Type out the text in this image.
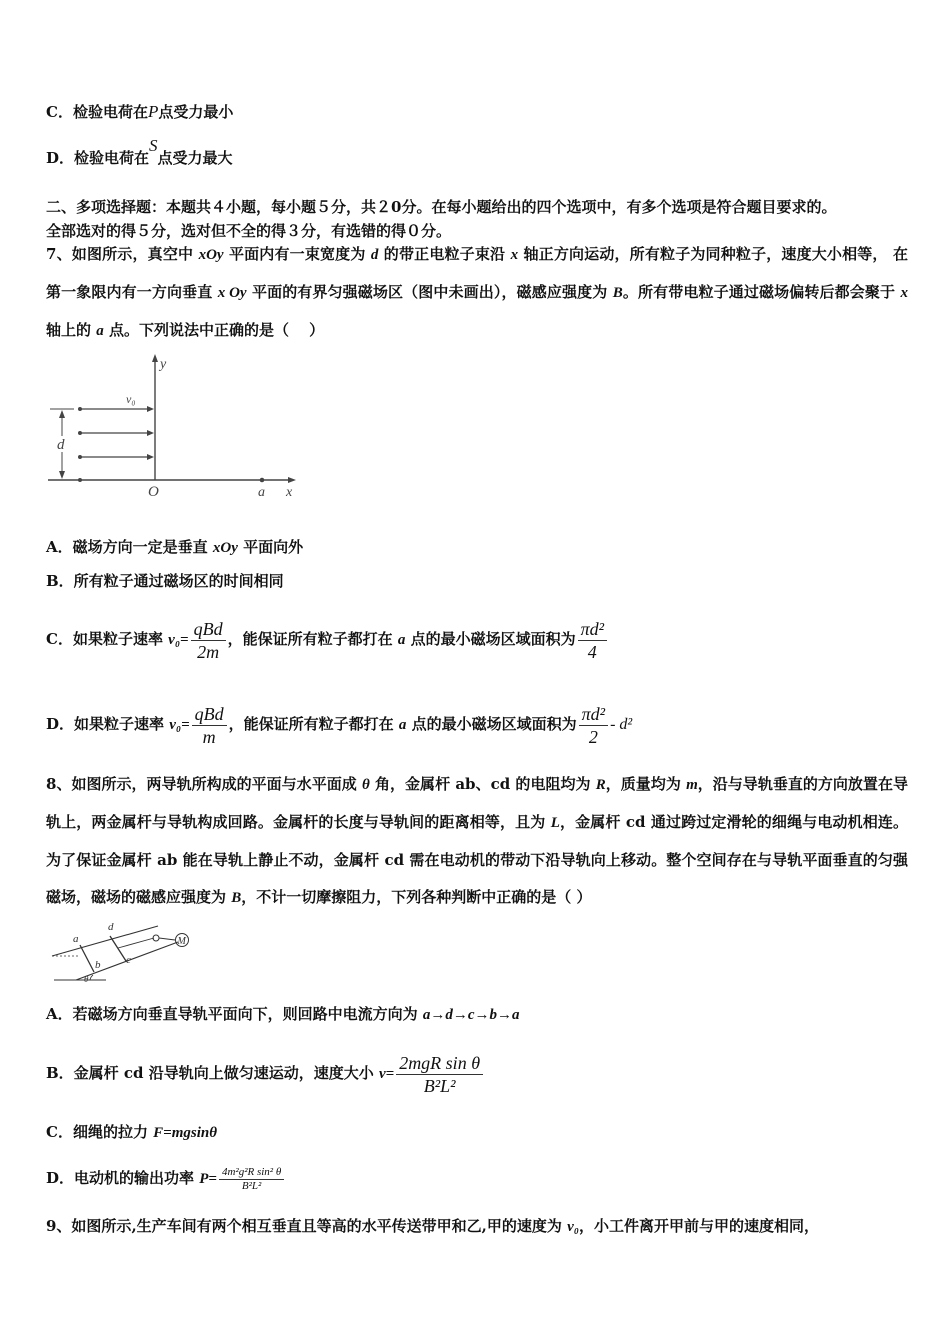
C．检验电荷在P点受力最小
D．检验电荷在S点受力最大
二、多项选择题：本题共４小题，每小题５分，共２0分。在每小题给出的四个选项中，有多个选项是符合题目要求的。
全部选对的得５分，选对但不全的得３分，有选错的得０分。
7、如图所示，真空中 xOy 平面内有一束宽度为 d 的带正电粒子束沿 x 轴正方向运动，所有粒子为同种粒子，速度大小相等， 在第一象限内有一方向垂直 x Oy 平面的有界匀强磁场区（图中未画出），磁感应强度为 B。所有带电粒子通过磁场偏转后都会聚于 x 轴上的 a 点。下列说法中正确的是（　 ）
y
v₀
d
O	a x
A．磁场方向一定是垂直 xOy 平面向外
B．所有粒子通过磁场区的时间相同
C．如果粒子速率 $v_0= \frac{\text{qBd}}{2m}$ ，能保证所有粒子都打在 a 点的最小磁场区域面积为 $\frac{\text{πd²}}{4}$
D．如果粒子速率 $v_0= \frac{\text{qBd}}{m}$ ，能保证所有粒子都打在 a 点的最小磁场区域面积为 $\frac{\text{πd²}}{2} - d^2$
8、如图所示，两导轨所构成的平面与水平面成 θ 角，金属杆 ab、cd 的电阻均为 R，质量均为 m，沿与导轨垂直的方向放置在导轨上，两金属杆与导轨构成回路。金属杆的长度与导轨间的距离相等，且为 L，金属杆 cd 通过跨过定滑轮的细绳与电动机相连。为了保证金属杆 ab 能在导轨上静止不动，金属杆 cd 需在电动机的带动下沿导轨向上移动。整个空间存在与导轨平面垂直的匀强磁场，磁场的磁感应强度为 B，不计一切摩擦阻力，下列各种判断中正确的是（ ）
M
d
a
b c
θ
A．若磁场方向垂直导轨平面向下，则回路中电流方向为 a→d→c→b→a
B．金属杆 cd 沿导轨向上做匀速运动，速度大小 $v= \frac{\text{2mgR sin θ}}{\text{B²L²}}$
C．细绳的拉力 F=mgsinθ
D．电动机的输出功率 $P= \frac{\text{4m²g²R sin² θ}}{\text{B²L²}}$
9、如图所示,生产车间有两个相互垂直且等高的水平传送带甲和乙,甲的速度为 v₀，小工件离开甲前与甲的速度相同，
